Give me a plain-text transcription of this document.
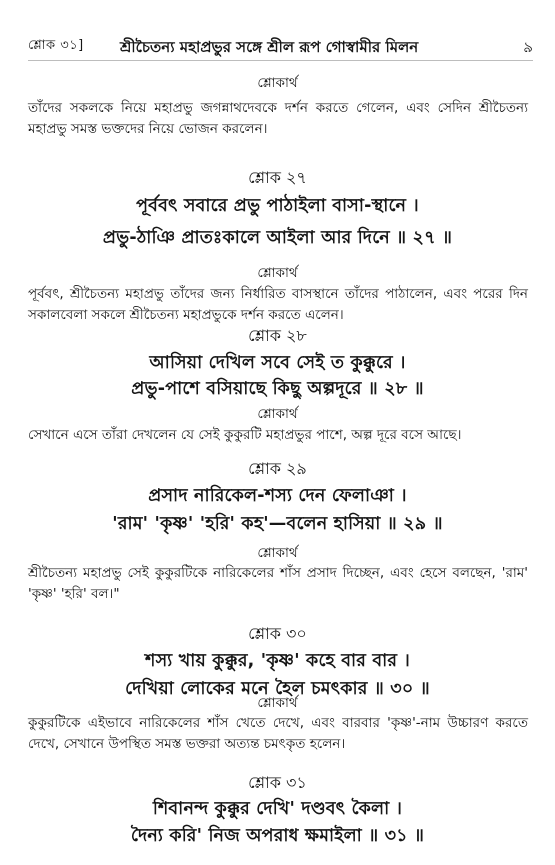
শ্লোক ৩১] শ্রীচৈতন্য মহাপ্রভুর সঙ্গে শ্রীল রূপ গোস্বামীর মিলন	৯
শ্লোকার্থ
তাঁদের সকলকে নিয়ে মহাপ্রভু জগন্নাথদেবকে দর্শন করতে গেলেন, এবং সেদিন শ্রীচৈতন্য মহাপ্রভু সমস্ত ভক্তদের নিয়ে ভোজন করলেন।
শ্লোক ২৭
পূর্ববৎ সবারে প্রভু পাঠাইলা বাসা-স্থানে ।
প্রভু-ঠাঞি প্রাতঃকালে আইলা আর দিনে ॥ ২৭ ॥
শ্লোকার্থ
পূর্ববৎ, শ্রীচৈতন্য মহাপ্রভু তাঁদের জন্য নির্ধারিত বাসস্থানে তাঁদের পাঠালেন, এবং পরের দিন সকালবেলা সকলে শ্রীচৈতন্য মহাপ্রভুকে দর্শন করতে এলেন।
শ্লোক ২৮
আসিয়া দেখিল সবে সেই ত কুক্কুরে ।
প্রভু-পাশে বসিয়াছে কিছু অল্পদূরে ॥ ২৮ ॥
শ্লোকার্থ
সেখানে এসে তাঁরা দেখলেন যে সেই কুকুরটি মহাপ্রভুর পাশে, অল্প দূরে বসে আছে।
শ্লোক ২৯
প্রসাদ নারিকেল-শস্য দেন ফেলাঞা ।
'রাম' 'কৃষ্ণ' 'হরি' কহ'—বলেন হাসিয়া ॥ ২৯ ॥
শ্লোকার্থ
শ্রীচৈতন্য মহাপ্রভু সেই কুকুরটিকে নারিকেলের শাঁস প্রসাদ দিচ্ছেন, এবং হেসে বলছেন, 'রাম' 'কৃষ্ণ' 'হরি' বল।"
শ্লোক ৩০
শস্য খায় কুক্কুর, 'কৃষ্ণ' কহে বার বার ।
দেখিয়া লোকের মনে হৈল চমৎকার ॥ ৩০ ॥
শ্লোকার্থ
কুকুরটিকে এইভাবে নারিকেলের শাঁস খেতে দেখে, এবং বারবার 'কৃষ্ণ'-নাম উচ্চারণ করতে দেখে, সেখানে উপস্থিত সমস্ত ভক্তরা অত্যন্ত চমৎকৃত হলেন।
শ্লোক ৩১
শিবানন্দ কুক্কুর দেখি' দণ্ডবৎ কৈলা ।
দৈন্য করি' নিজ অপরাধ ক্ষমাইলা ॥ ৩১ ॥
